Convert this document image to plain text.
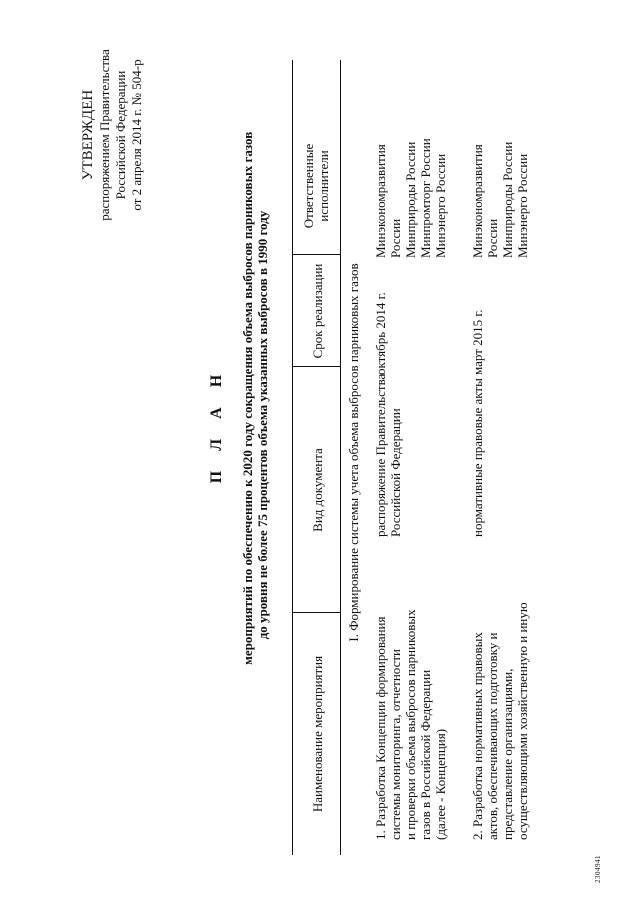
УТВЕРЖДЕН распоряжением Правительства Российской Федерации от 2 апреля 2014 г. № 504-р
П Л А Н мероприятий по обеспечению к 2020 году сокращения объема выбросов парниковых газов до уровня не более 75 процентов объема указанных выбросов в 1990 году
Наименование мероприятия
Вид документа
Срок реализации
Ответственные исполнители
I. Формирование системы учета объема выбросов парниковых газов
1. Разработка Концепции формирования системы мониторинга, отчетности и проверки объема выбросов парниковых газов в Российской Федерации (далее - Концепция)
распоряжение Правительства Российской Федерации
октябрь 2014 г.
Минэкономразвития России Минприроды России Минпромторг России Минэнерго России
2. Разработка нормативных правовых актов, обеспечивающих подготовку и представление организациями, осуществляющими хозяйственную и иную
нормативные правовые акты
март 2015 г.
Минэкономразвития России Минприроды России Минэнерго России
2304941
